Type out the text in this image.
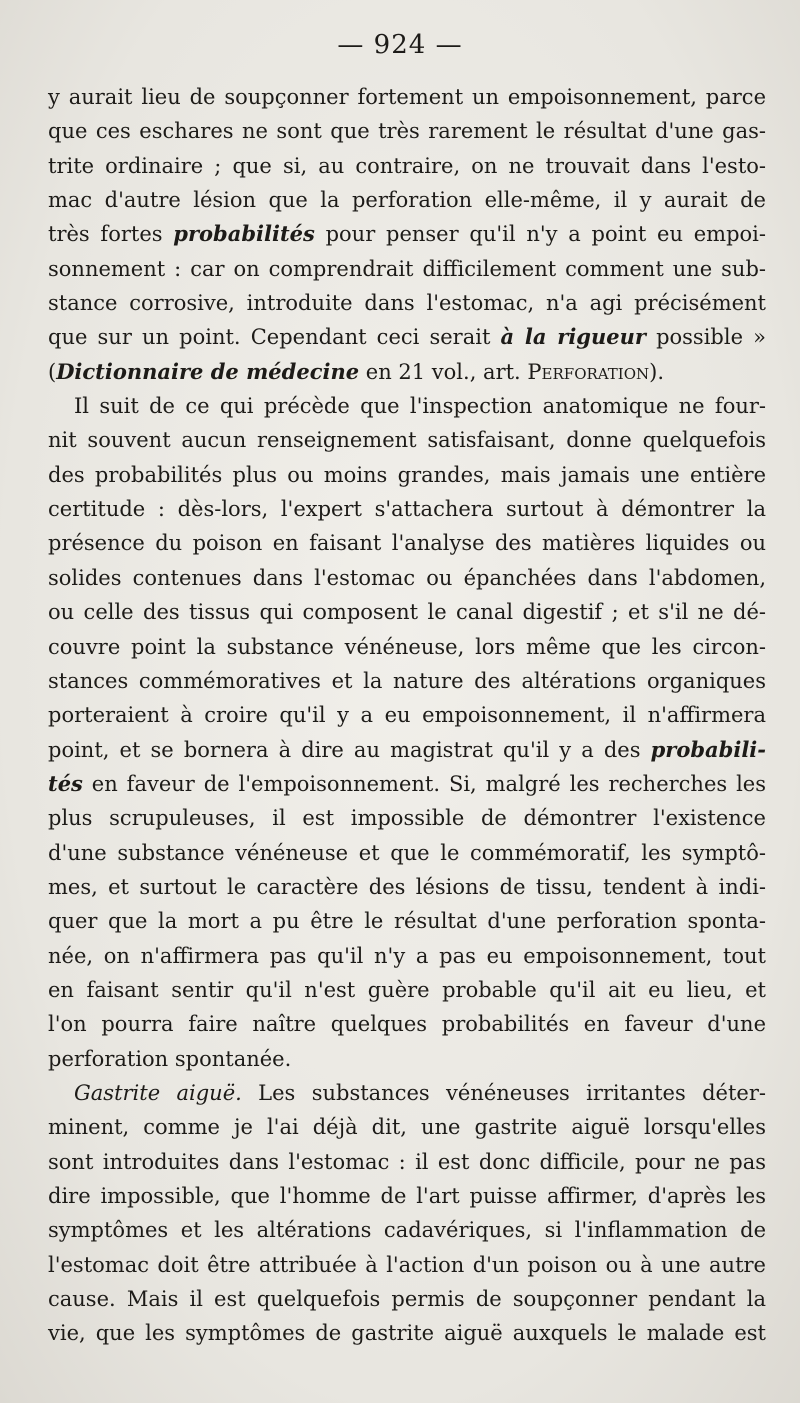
— 924 —
y aurait lieu de soupçonner fortement un empoisonnement, parce
que ces eschares ne sont que très rarement le résultat d'une gas-
trite ordinaire ; que si, au contraire, on ne trouvait dans l'esto-
mac d'autre lésion que la perforation elle-même, il y aurait de
très fortes probabilités pour penser qu'il n'y a point eu empoi-
sonnement : car on comprendrait difficilement comment une sub-
stance corrosive, introduite dans l'estomac, n'a agi précisément
que sur un point. Cependant ceci serait à la rigueur possible »
(Dictionnaire de médecine en 21 vol., art. Perforation).
Il suit de ce qui précède que l'inspection anatomique ne four-
nit souvent aucun renseignement satisfaisant, donne quelquefois
des probabilités plus ou moins grandes, mais jamais une entière
certitude : dès-lors, l'expert s'attachera surtout à démontrer la
présence du poison en faisant l'analyse des matières liquides ou
solides contenues dans l'estomac ou épanchées dans l'abdomen,
ou celle des tissus qui composent le canal digestif ; et s'il ne dé-
couvre point la substance vénéneuse, lors même que les circon-
stances commémoratives et la nature des altérations organiques
porteraient à croire qu'il y a eu empoisonnement, il n'affirmera
point, et se bornera à dire au magistrat qu'il y a des probabili-
tés en faveur de l'empoisonnement. Si, malgré les recherches les
plus scrupuleuses, il est impossible de démontrer l'existence
d'une substance vénéneuse et que le commémoratif, les symptô-
mes, et surtout le caractère des lésions de tissu, tendent à indi-
quer que la mort a pu être le résultat d'une perforation sponta-
née, on n'affirmera pas qu'il n'y a pas eu empoisonnement, tout
en faisant sentir qu'il n'est guère probable qu'il ait eu lieu, et
l'on pourra faire naître quelques probabilités en faveur d'une
perforation spontanée.
Gastrite aiguë. Les substances vénéneuses irritantes déter-
minent, comme je l'ai déjà dit, une gastrite aiguë lorsqu'elles
sont introduites dans l'estomac : il est donc difficile, pour ne pas
dire impossible, que l'homme de l'art puisse affirmer, d'après les
symptômes et les altérations cadavériques, si l'inflammation de
l'estomac doit être attribuée à l'action d'un poison ou à une autre
cause. Mais il est quelquefois permis de soupçonner pendant la
vie, que les symptômes de gastrite aiguë auxquels le malade est
